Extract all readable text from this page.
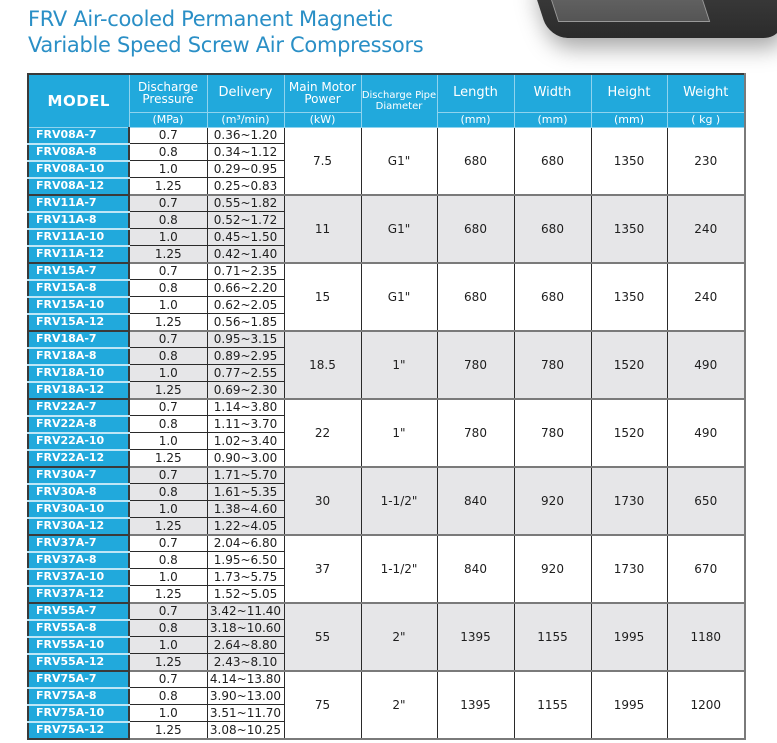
FRV Air-cooled Permanent Magnetic
Variable Speed Screw Air Compressors
MODEL	Discharge Pressure	Delivery	Main Motor Power	Discharge Pipe Diameter	Length	Width	Height	Weight

	(MPa)	(m³/min)	(kW)		(mm)	(mm)	(mm)	( kg )
FRV08A-7	0.7	0.36~1.20	7.5	G1"	680	680	1350	230
FRV08A-8	0.8	0.34~1.12						
FRV08A-10	1.0	0.29~0.95						
FRV08A-12	1.25	0.25~0.83						
FRV11A-7	0.7	0.55~1.82	11	G1"	680	680	1350	240
FRV11A-8	0.8	0.52~1.72						
FRV11A-10	1.0	0.45~1.50						
FRV11A-12	1.25	0.42~1.40						
FRV15A-7	0.7	0.71~2.35	15	G1"	680	680	1350	240
FRV15A-8	0.8	0.66~2.20						
FRV15A-10	1.0	0.62~2.05						
FRV15A-12	1.25	0.56~1.85						
FRV18A-7	0.7	0.95~3.15	18.5	1"	780	780	1520	490
FRV18A-8	0.8	0.89~2.95						
FRV18A-10	1.0	0.77~2.55						
FRV18A-12	1.25	0.69~2.30						
FRV22A-7	0.7	1.14~3.80	22	1"	780	780	1520	490
FRV22A-8	0.8	1.11~3.70						
FRV22A-10	1.0	1.02~3.40						
FRV22A-12	1.25	0.90~3.00						
FRV30A-7	0.7	1.71~5.70	30	1-1/2"	840	920	1730	650
FRV30A-8	0.8	1.61~5.35						
FRV30A-10	1.0	1.38~4.60						
FRV30A-12	1.25	1.22~4.05						
FRV37A-7	0.7	2.04~6.80	37	1-1/2"	840	920	1730	670
FRV37A-8	0.8	1.95~6.50						
FRV37A-10	1.0	1.73~5.75						
FRV37A-12	1.25	1.52~5.05						
FRV55A-7	0.7	3.42~11.40	55	2"	1395	1155	1995	1180
FRV55A-8	0.8	3.18~10.60						
FRV55A-10	1.0	2.64~8.80						
FRV55A-12	1.25	2.43~8.10						
FRV75A-7	0.7	4.14~13.80	75	2"	1395	1155	1995	1200
FRV75A-8	0.8	3.90~13.00						
FRV75A-10	1.0	3.51~11.70						
FRV75A-12	1.25	3.08~10.25						
